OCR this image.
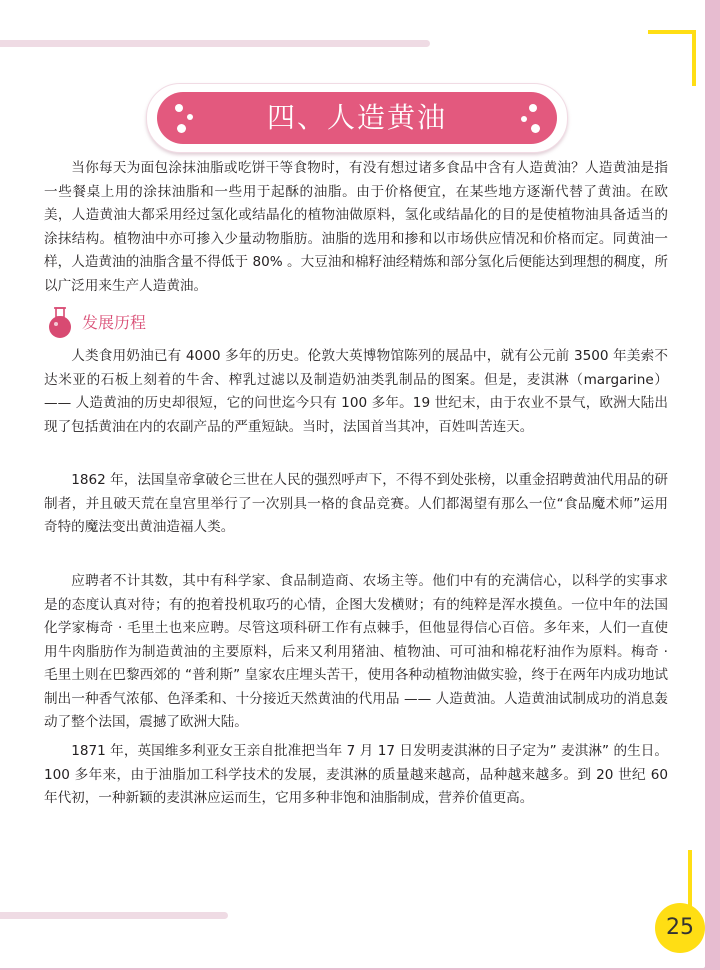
四、人造黄油

当你每天为面包涂抹油脂或吃饼干等食物时，有没有想过诸多食品中含有人造黄油？人造黄油是指一些餐桌上用的涂抹油脂和一些用于起酥的油脂。由于价格便宜，在某些地方逐渐代替了黄油。在欧美，人造黄油大都采用经过氢化或结晶化的植物油做原料，氢化或结晶化的目的是使植物油具备适当的涂抹结构。植物油中亦可掺入少量动物脂肪。油脂的选用和掺和以市场供应情况和价格而定。同黄油一样，人造黄油的油脂含量不得低于 80% 。大豆油和棉籽油经精炼和部分氢化后便能达到理想的稠度，所以广泛用来生产人造黄油。

发展历程

人类食用奶油已有 4000 多年的历史。伦敦大英博物馆陈列的展品中，就有公元前 3500 年美索不达米亚的石板上刻着的牛舍、榨乳过滤以及制造奶油类乳制品的图案。但是，麦淇淋（margarine）—— 人造黄油的历史却很短，它的问世迄今只有 100 多年。19 世纪末，由于农业不景气，欧洲大陆出现了包括黄油在内的农副产品的严重短缺。当时，法国首当其冲，百姓叫苦连天。

1862 年，法国皇帝拿破仑三世在人民的强烈呼声下，不得不到处张榜，以重金招聘黄油代用品的研制者，并且破天荒在皇宫里举行了一次别具一格的食品竞赛。人们都渴望有那么一位“食品魔术师”运用奇特的魔法变出黄油造福人类。

应聘者不计其数，其中有科学家、食品制造商、农场主等。他们中有的充满信心，以科学的实事求是的态度认真对待；有的抱着投机取巧的心情，企图大发横财；有的纯粹是浑水摸鱼。一位中年的法国化学家梅奇 · 毛里土也来应聘。尽管这项科研工作有点棘手，但他显得信心百倍。多年来，人们一直使用牛肉脂肪作为制造黄油的主要原料，后来又利用猪油、植物油、可可油和棉花籽油作为原料。梅奇 · 毛里土则在巴黎西郊的 “普利斯” 皇家农庄埋头苦干，使用各种动植物油做实验，终于在两年内成功地试制出一种香气浓郁、色泽柔和、十分接近天然黄油的代用品 —— 人造黄油。人造黄油试制成功的消息轰动了整个法国，震撼了欧洲大陆。

1871 年，英国维多利亚女王亲自批准把当年 7 月 17 日发明麦淇淋的日子定为” 麦淇淋” 的生日。100 多年来，由于油脂加工科学技术的发展，麦淇淋的质量越来越高，品种越来越多。到 20 世纪 60 年代初，一种新颖的麦淇淋应运而生，它用多种非饱和油脂制成，营养价值更高。

25
